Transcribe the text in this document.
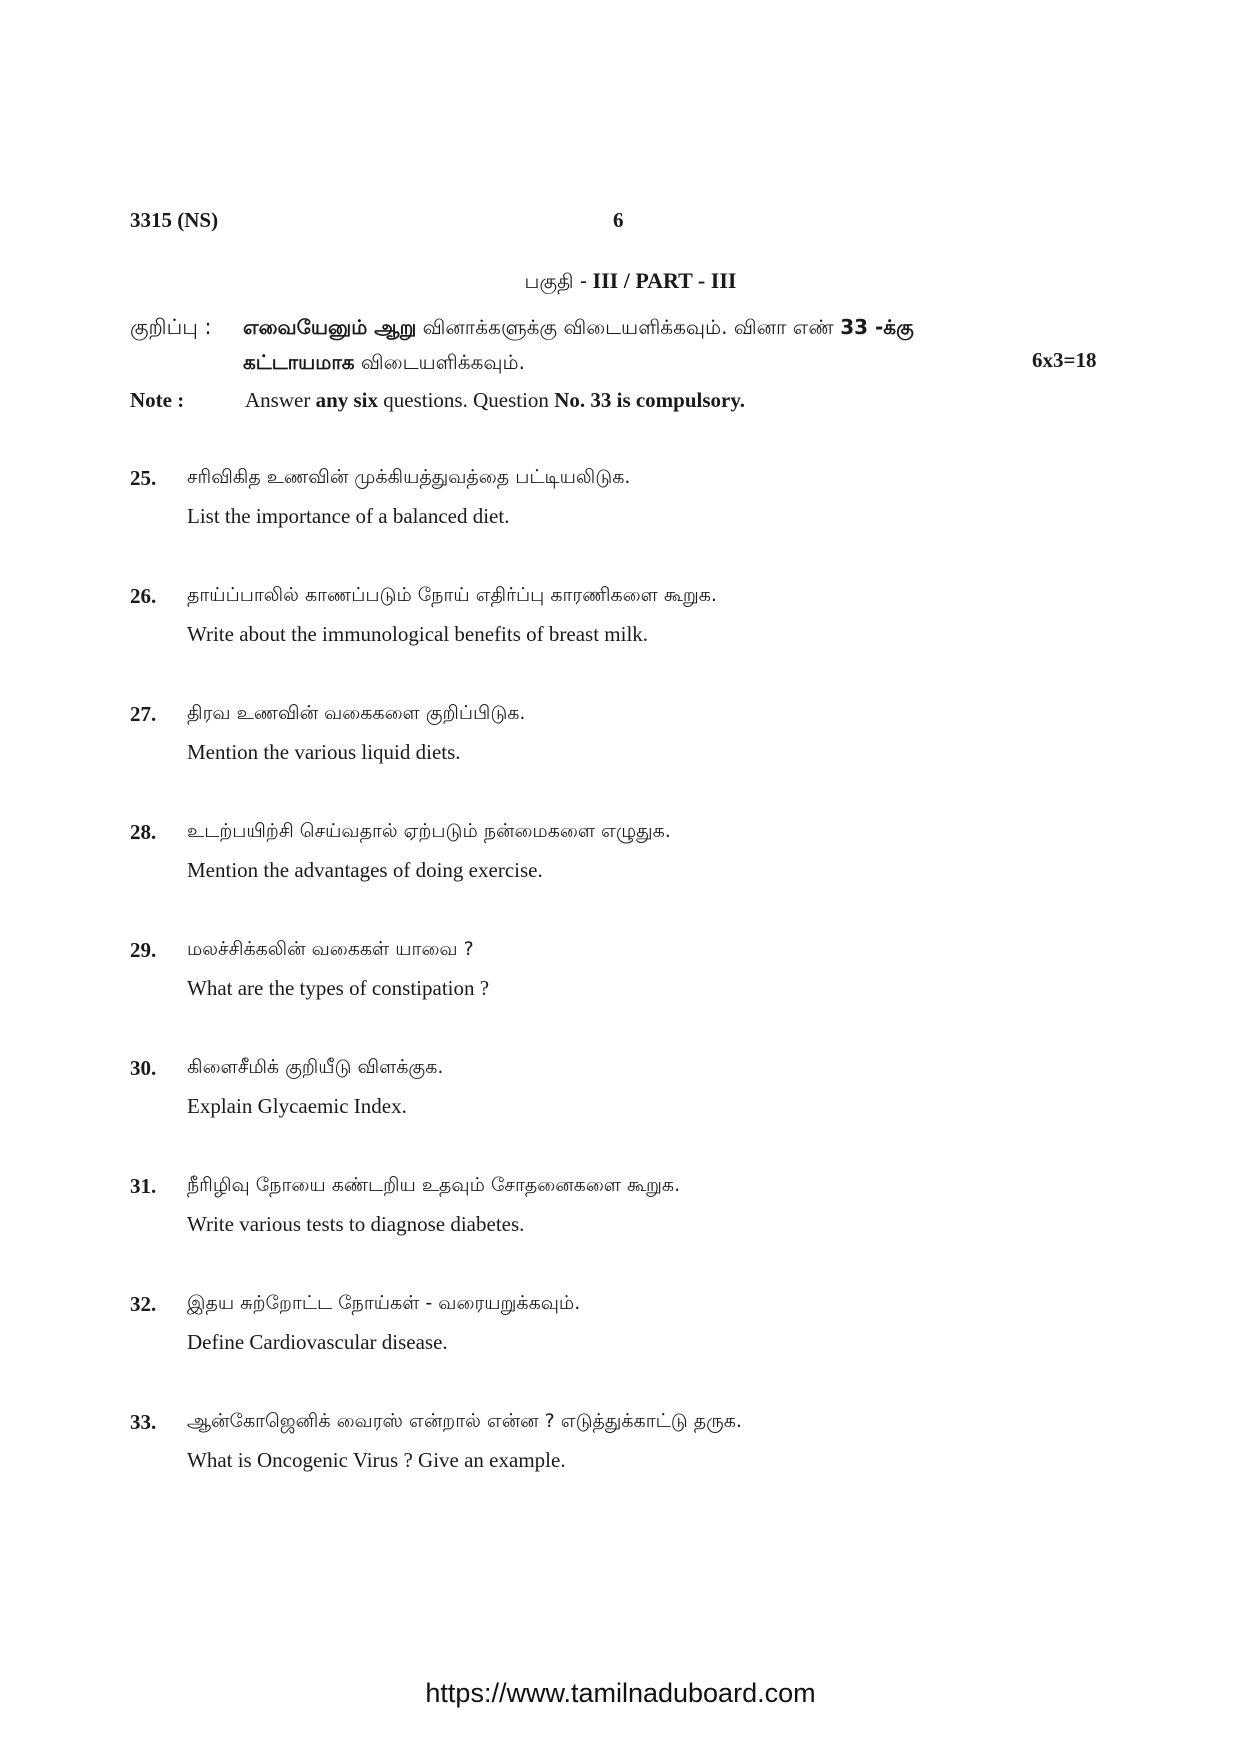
3315 (NS)	6
பகுதி - III / PART - III
குறிப்பு : எவையேனும் ஆறு வினாக்களுக்கு விடையளிக்கவும். வினா எண் 33 -க்கு
கட்டாயமாக விடையளிக்கவும்.	6x3=18
Note :	Answer any six questions. Question No. 33 is compulsory.
25. சரிவிகித உணவின் முக்கியத்துவத்தை பட்டியலிடுக.
List the importance of a balanced diet.
26. தாய்ப்பாலில் காணப்படும் நோய் எதிர்ப்பு காரணிகளை கூறுக.
Write about the immunological benefits of breast milk.
27. திரவ உணவின் வகைகளை குறிப்பிடுக.
Mention the various liquid diets.
28. உடற்பயிற்சி செய்வதால் ஏற்படும் நன்மைகளை எழுதுக.
Mention the advantages of doing exercise.
29. மலச்சிக்கலின் வகைகள் யாவை ?
What are the types of constipation ?
30. கிளைசீமிக் குறியீடு விளக்குக.
Explain Glycaemic Index.
31. நீரிழிவு நோயை கண்டறிய உதவும் சோதனைகளை கூறுக.
Write various tests to diagnose diabetes.
32. இதய சுற்றோட்ட நோய்கள் - வரையறுக்கவும்.
Define Cardiovascular disease.
33. ஆன்கோஜெனிக் வைரஸ் என்றால் என்ன ? எடுத்துக்காட்டு தருக.
What is Oncogenic Virus ? Give an example.
https://www.tamilnaduboard.com
